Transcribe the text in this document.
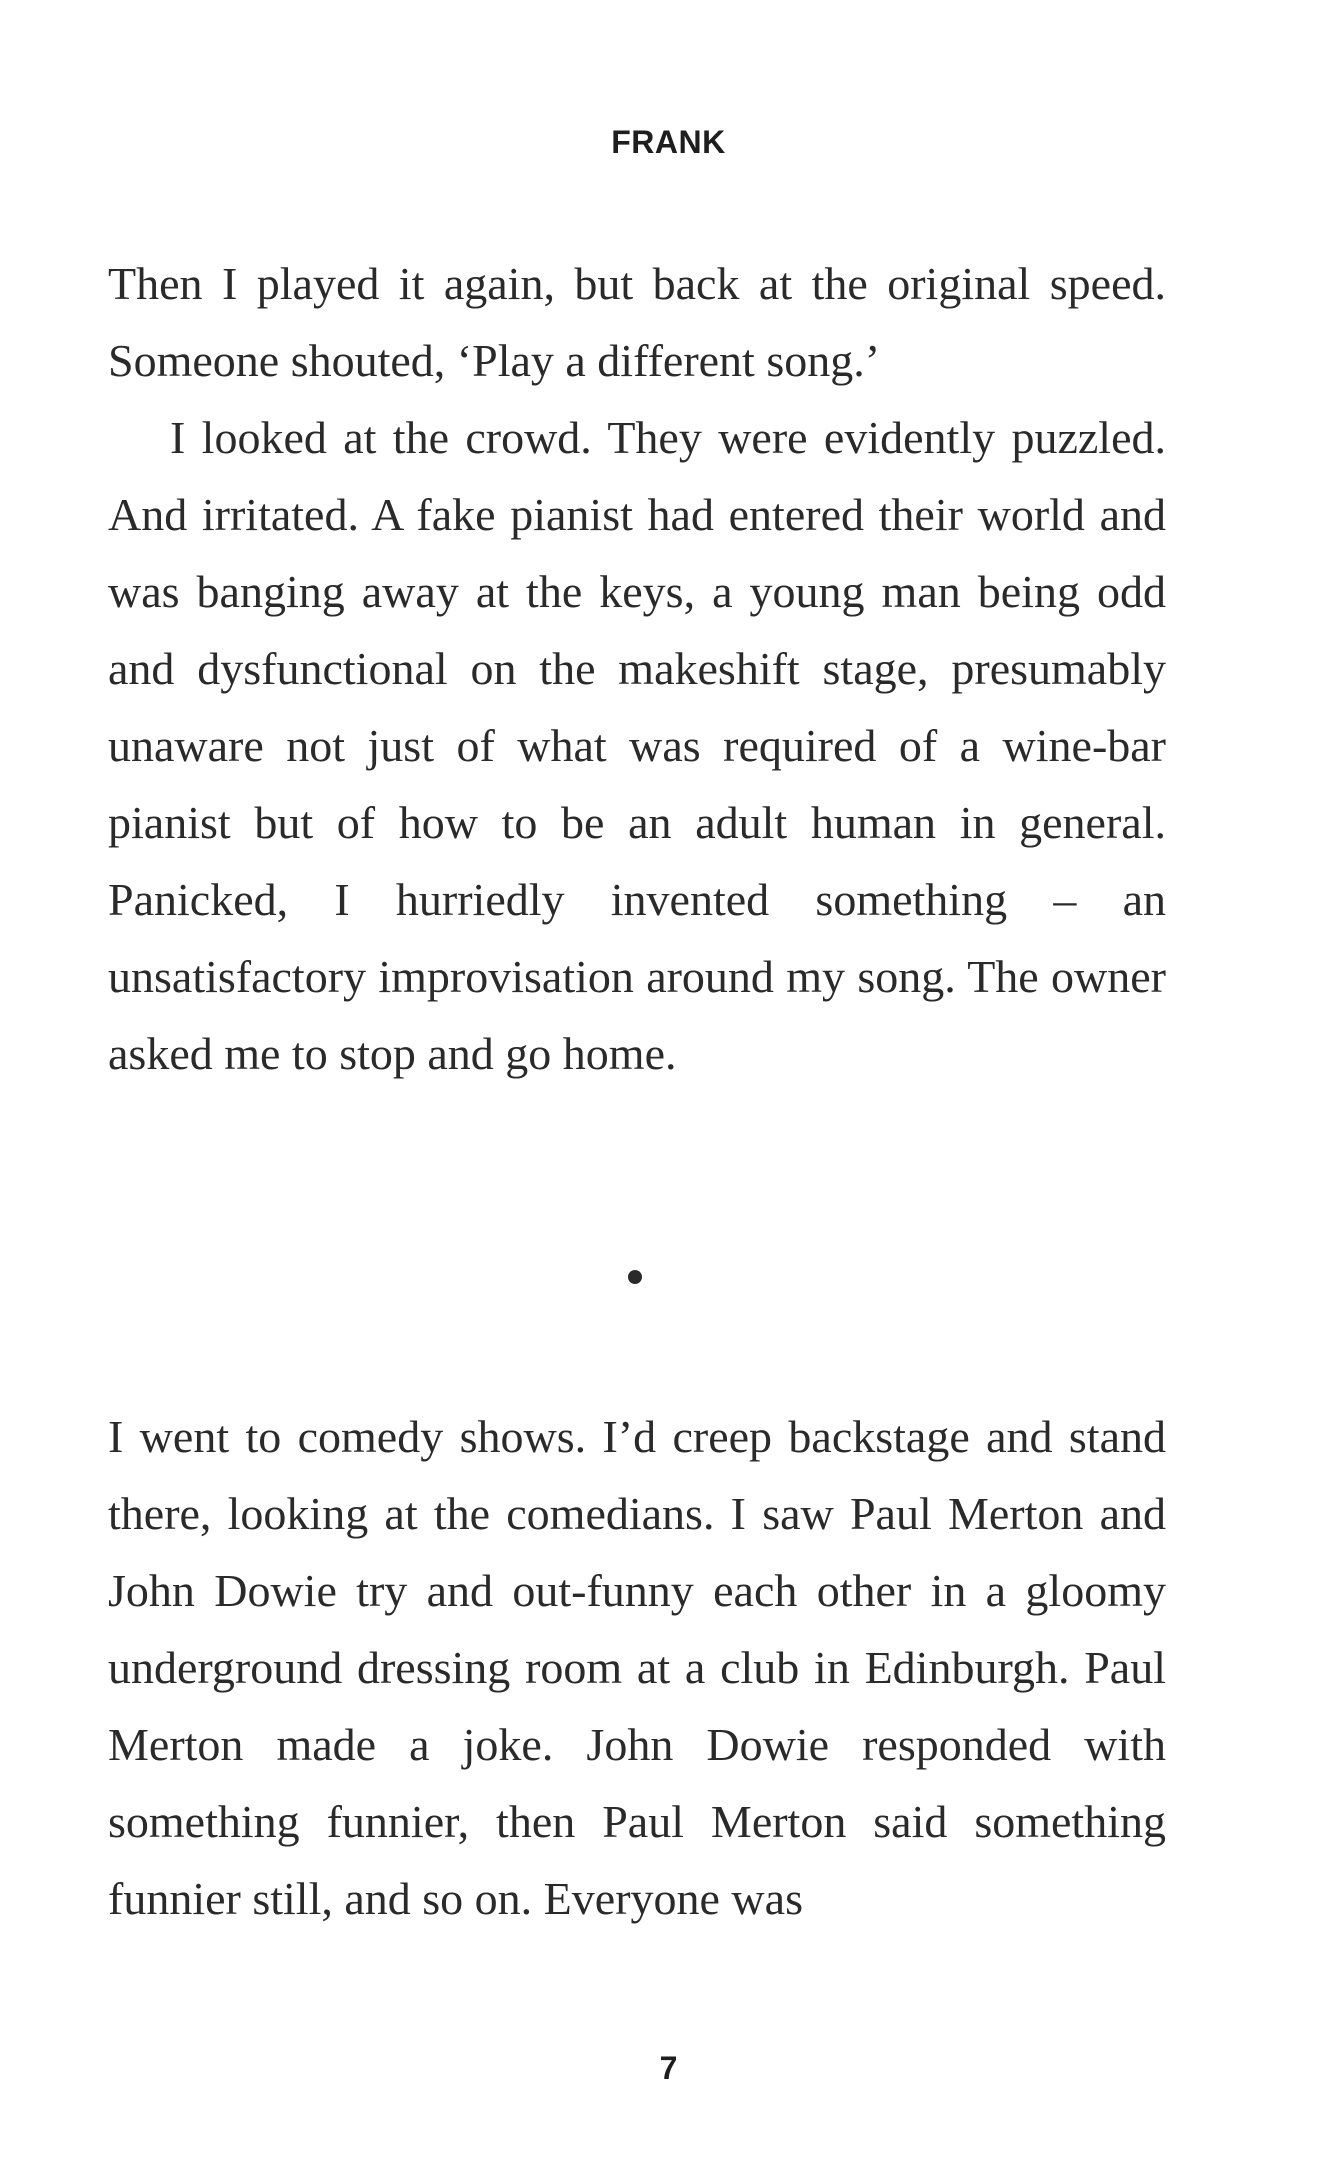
FRANK

Then I played it again, but back at the original speed. Someone shouted, ‘Play a different song.’

I looked at the crowd. They were evidently puzzled. And irritated. A fake pianist had entered their world and was banging away at the keys, a young man being odd and dysfunctional on the makeshift stage, presumably unaware not just of what was required of a wine-bar pianist but of how to be an adult human in general. Panicked, I hurriedly invented something – an unsatisfactory improvisation around my song. The owner asked me to stop and go home.

I went to comedy shows. I’d creep backstage and stand there, looking at the comedians. I saw Paul Merton and John Dowie try and out-funny each other in a gloomy underground dressing room at a club in Edinburgh. Paul Merton made a joke. John Dowie responded with something funnier, then Paul Merton said something funnier still, and so on. Everyone was

7
